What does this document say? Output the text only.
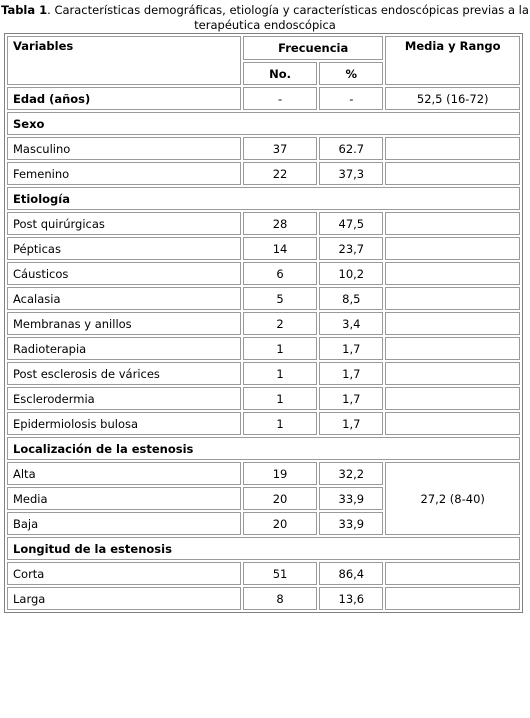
Tabla 1. Características demográficas, etiología y características endoscópicas previas a la terapéutica endoscópica
Variables	Frecuencia		Media y Rango
	No.	%	
Edad (años)	-	-	52,5 (16-72)
Sexo			
Masculino	37	62.7	
Femenino	22	37,3	
Etiología			
Post quirúrgicas	28	47,5	
Pépticas	14	23,7	
Cáusticos	6	10,2	
Acalasia	5	8,5	
Membranas y anillos	2	3,4	
Radioterapia	1	1,7	
Post esclerosis de várices	1	1,7	
Esclerodermia	1	1,7	
Epidermiolosis bulosa	1	1,7	
Localización de la estenosis			
Alta	19	32,2	27,2 (8-40)
Media	20	33,9	
Baja	20	33,9	
Longitud de la estenosis			
Corta	51	86,4	
Larga	8	13,6	
